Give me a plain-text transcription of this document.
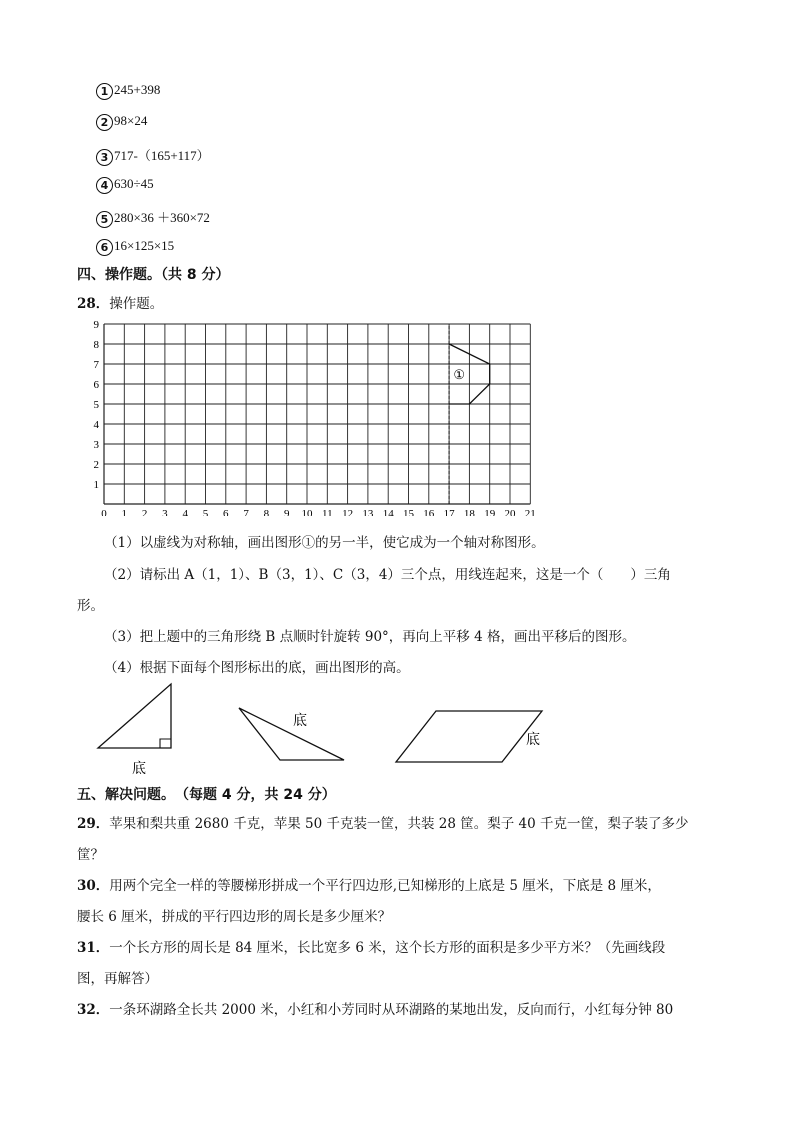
1 245+398
2 98×24
3 717-（165+117）
4 630÷45
5 280×36 ＋360×72
6 16×125×15
四、操作题。（共 8 分）
28．操作题。
①
0 1 2 3 4 5 6 7 8 9 10 11 12 13 14 15 16 17 18 19 20 21
1
2
3
4
5
6
7
8
9
（1）以虚线为对称轴，画出图形①的另一半，使它成为一个轴对称图形。
（2）请标出 A（1，1）、B（3，1）、C（3，4）三个点，用线连起来，这是一个（　　）三角
形。
（3）把上题中的三角形绕 B 点顺时针旋转 90°，再向上平移 4 格，画出平移后的图形。
（4）根据下面每个图形标出的底，画出图形的高。
底
底
底
五、解决问题。　（每题 4 分，共 24 分）
29．苹果和梨共重 2680 千克，苹果 50 千克装一筐，共装 28 筐。梨子 40 千克一筐，梨子装了多少
筐？
30．用两个完全一样的等腰梯形拼成一个平行四边形,已知梯形的上底是 5 厘米，下底是 8 厘米，
腰长 6 厘米，拼成的平行四边形的周长是多少厘米？
31．一个长方形的周长是 84 厘米，长比宽多 6 米，这个长方形的面积是多少平方米？（先画线段
图，再解答）
32．一条环湖路全长共 2000 米，小红和小芳同时从环湖路的某地出发，反向而行，小红每分钟 80
